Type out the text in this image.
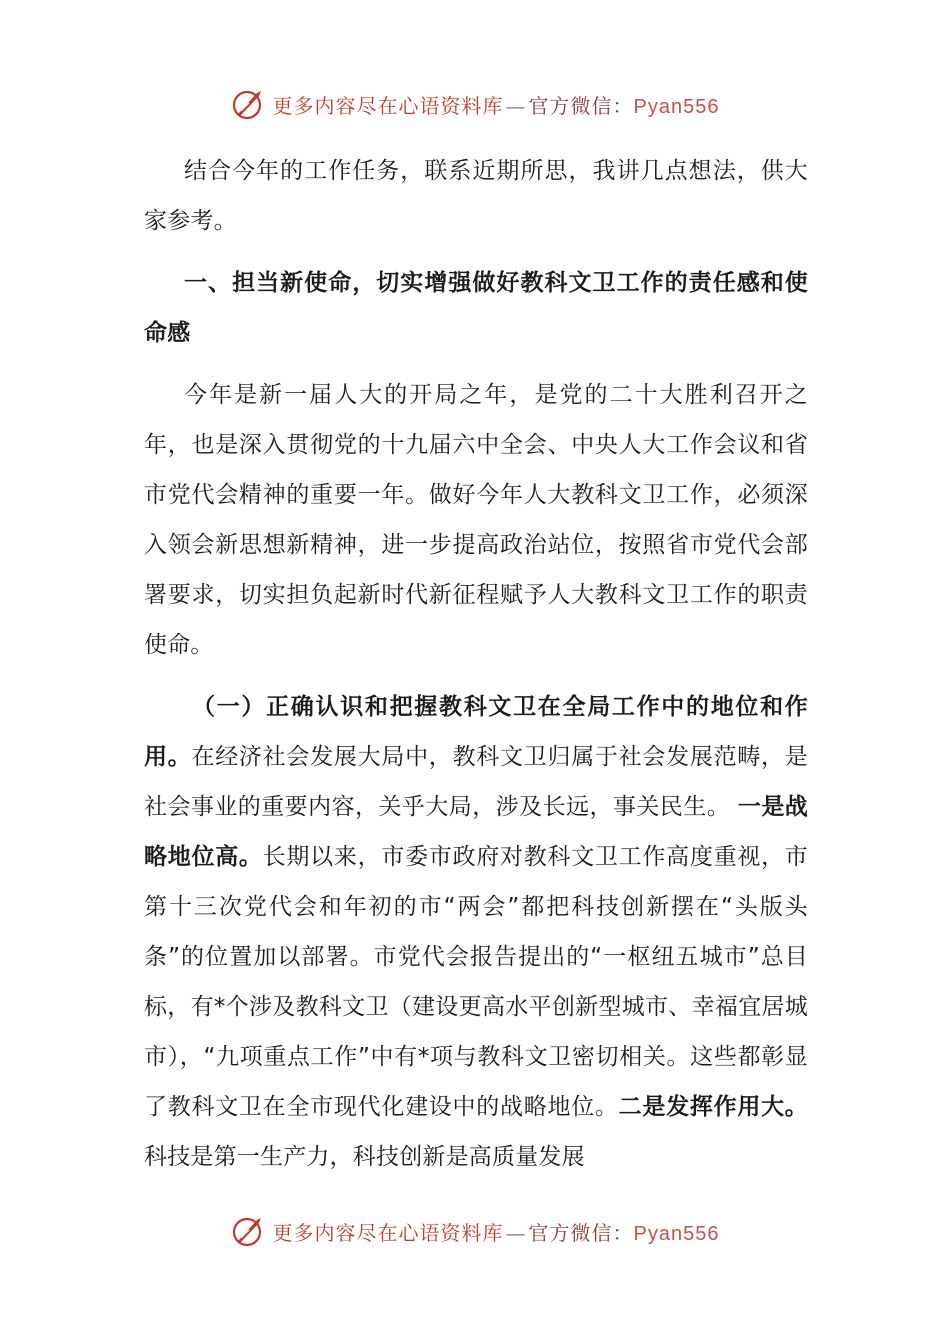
更多内容尽在心语资料库 — 官方微信：Pyan556

结合今年的工作任务，联系近期所思，我讲几点想法，供大家参考。

一、担当新使命，切实增强做好教科文卫工作的责任感和使命感

今年是新一届人大的开局之年，是党的二十大胜利召开之年，也是深入贯彻党的十九届六中全会、中央人大工作会议和省市党代会精神的重要一年。做好今年人大教科文卫工作，必须深入领会新思想新精神，进一步提高政治站位，按照省市党代会部署要求，切实担负起新时代新征程赋予人大教科文卫工作的职责使命。

（一）正确认识和把握教科文卫在全局工作中的地位和作用。在经济社会发展大局中，教科文卫归属于社会发展范畴，是社会事业的重要内容，关乎大局，涉及长远，事关民生。 一是战略地位高。长期以来，市委市政府对教科文卫工作高度重视，市第十三次党代会和年初的市“两会”都把科技创新摆在“头版头条”的位置加以部署。市党代会报告提出的“一枢纽五城市”总目标，有*个涉及教科文卫（建设更高水平创新型城市、幸福宜居城市），“九项重点工作”中有*项与教科文卫密切相关。这些都彰显了教科文卫在全市现代化建设中的战略地位。二是发挥作用大。科技是第一生产力，科技创新是高质量发展

更多内容尽在心语资料库 — 官方微信：Pyan556
